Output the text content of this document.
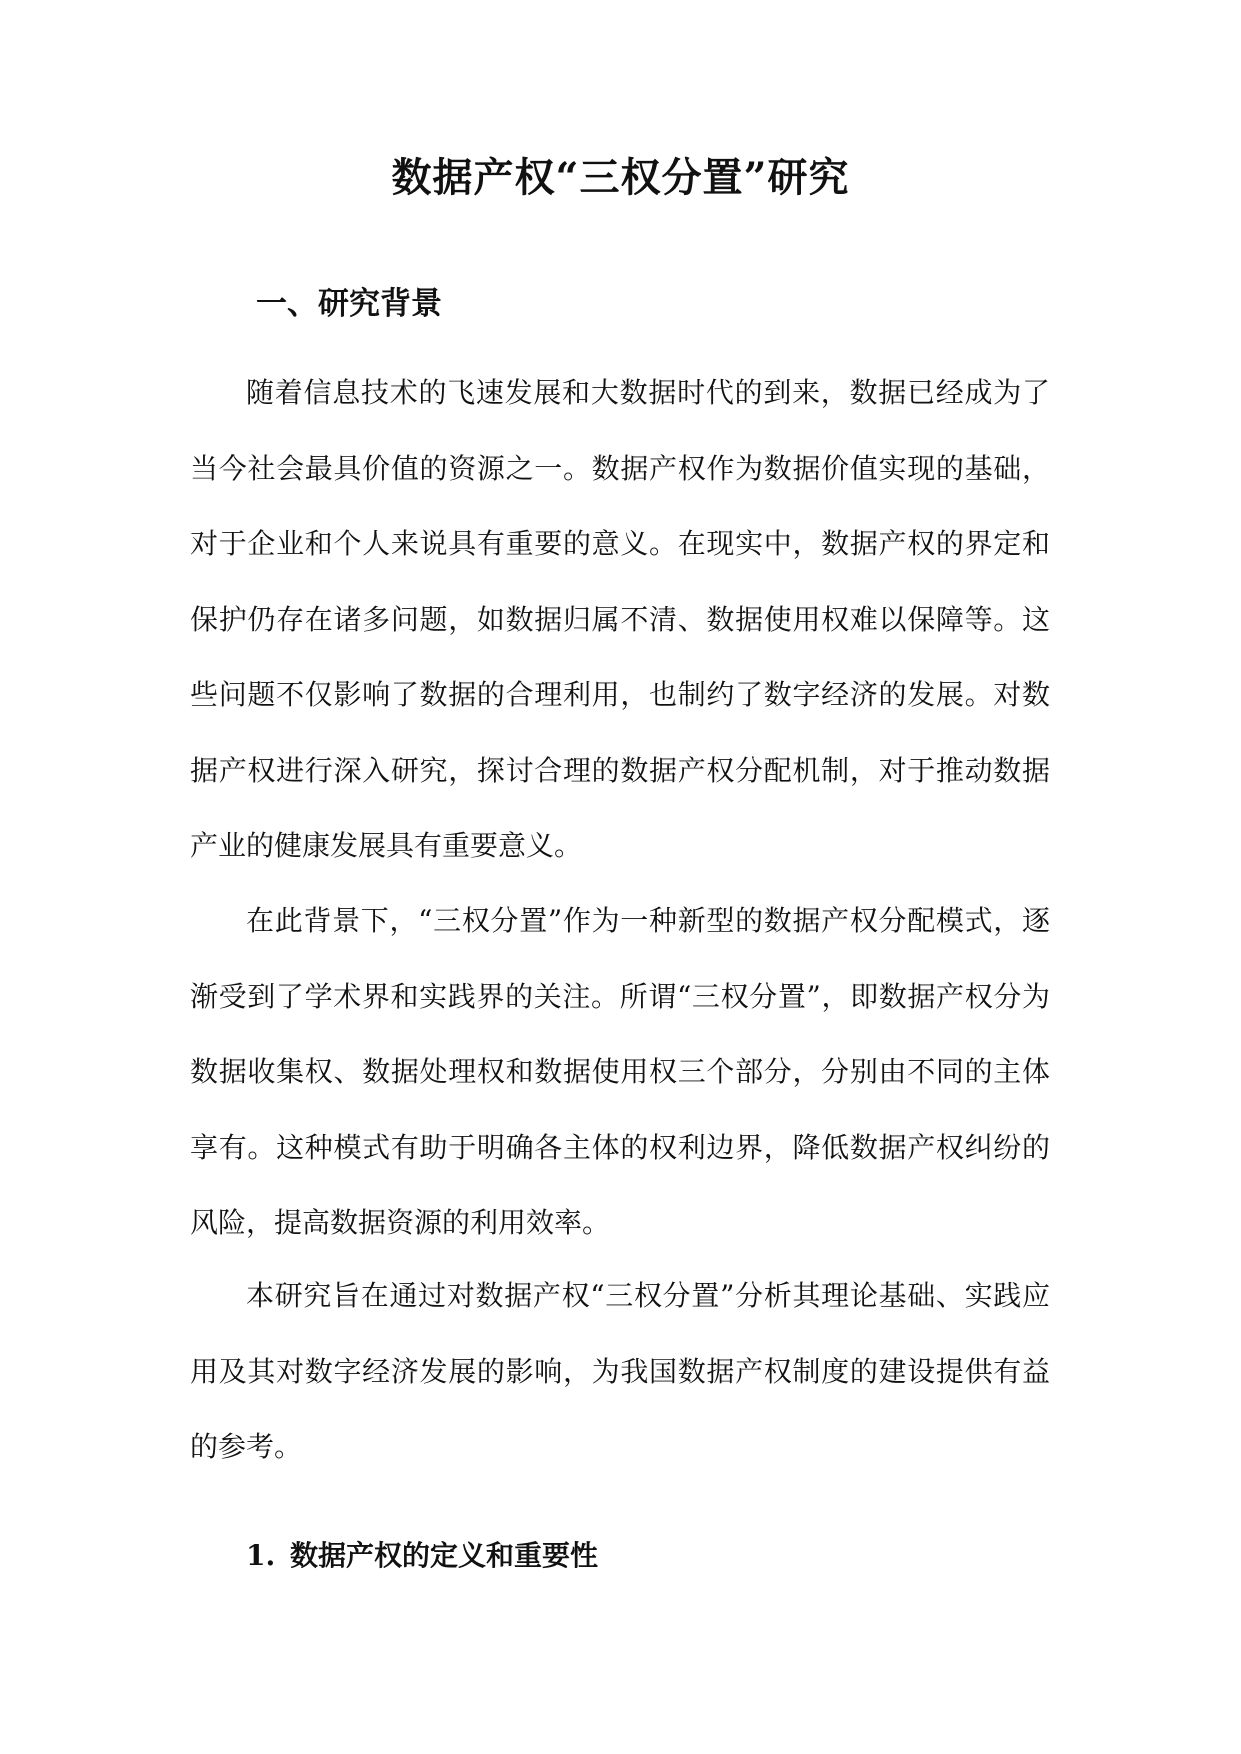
数据产权“三权分置”研究
一、研究背景

随着信息技术的飞速发展和大数据时代的到来，数据已经成为了当今社会最具价值的资源之一。数据产权作为数据价值实现的基础，对于企业和个人来说具有重要的意义。在现实中，数据产权的界定和保护仍存在诸多问题，如数据归属不清、数据使用权难以保障等。这些问题不仅影响了数据的合理利用，也制约了数字经济的发展。对数据产权进行深入研究，探讨合理的数据产权分配机制，对于推动数据产业的健康发展具有重要意义。

在此背景下，“三权分置”作为一种新型的数据产权分配模式，逐渐受到了学术界和实践界的关注。所谓“三权分置”，即数据产权分为数据收集权、数据处理权和数据使用权三个部分，分别由不同的主体享有。这种模式有助于明确各主体的权利边界，降低数据产权纠纷的风险，提高数据资源的利用效率。

本研究旨在通过对数据产权“三权分置”分析其理论基础、实践应用及其对数字经济发展的影响，为我国数据产权制度的建设提供有益的参考。

1. 数据产权的定义和重要性
